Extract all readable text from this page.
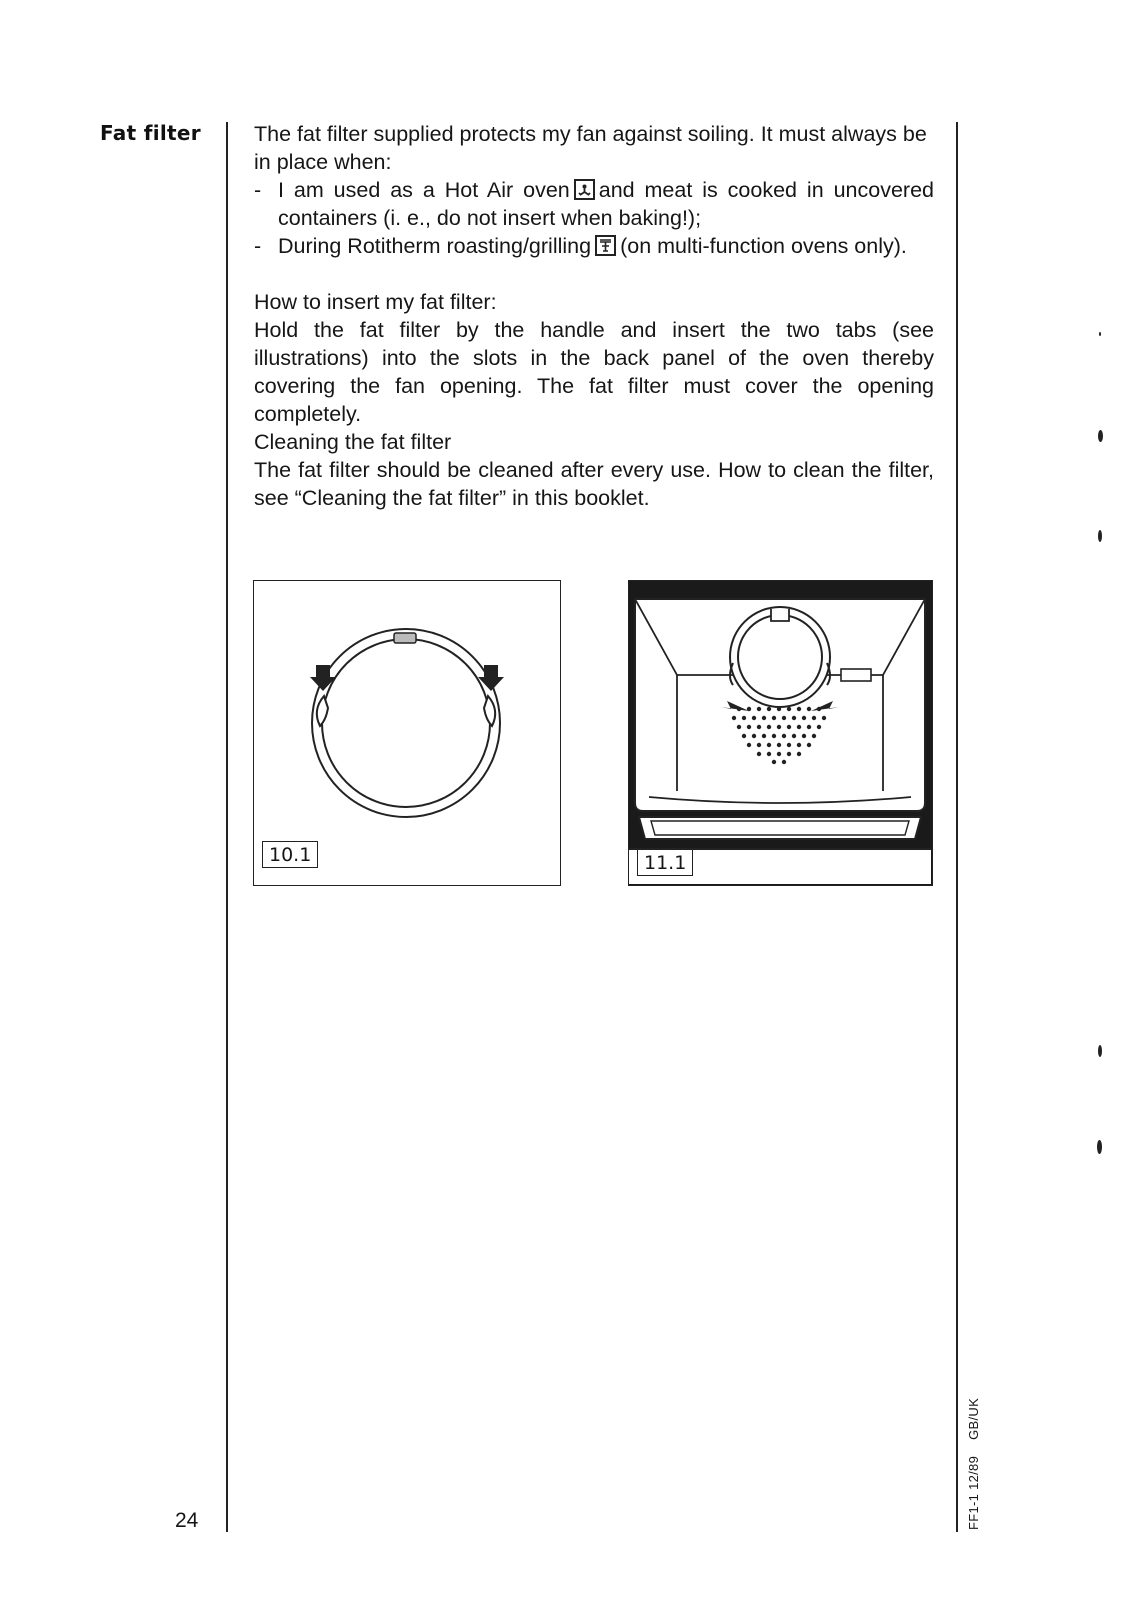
Fat filter The fat filter supplied protects my fan against soiling. It must always be in place when:

- I am used as a Hot Air oven and meat is cooked in uncovered containers (i. e., do not insert when baking!);
- During Rotitherm roasting/grilling (on multi-function ovens only).

How to insert my fat filter:

Hold the fat filter by the handle and insert the two tabs (see illustrations) into the slots in the back panel of the oven thereby covering the fan opening. The fat filter must cover the opening completely.

Cleaning the fat filter

The fat filter should be cleaned after every use. How to clean the filter, see “Cleaning the fat filter” in this booklet.

10.1	11.1
24	FF1-1 12/89GB/UK
